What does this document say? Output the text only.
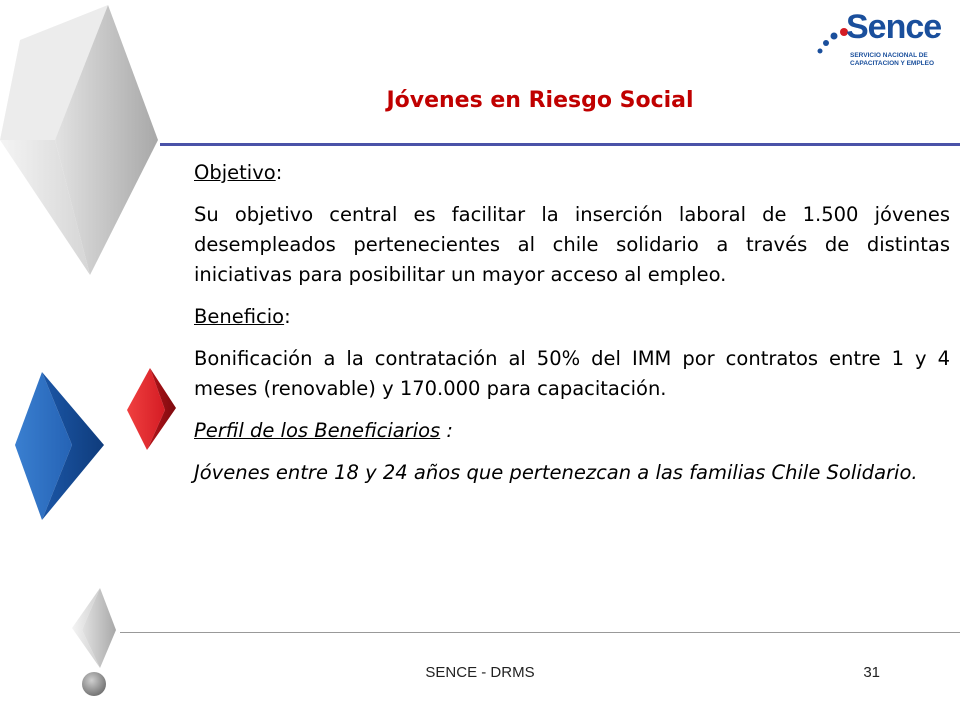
Sence
SERVICIO NACIONAL DE
CAPACITACION Y EMPLEO
Jóvenes en Riesgo Social

Objetivo:

Su objetivo central es facilitar la inserción laboral de 1.500 jóvenes desempleados pertenecientes al chile solidario a través de distintas iniciativas para posibilitar un mayor acceso al empleo.

Beneficio:

Bonificación a la contratación al 50% del IMM por contratos entre 1 y 4 meses (renovable) y 170.000 para capacitación.

Perfil de los Beneficiarios :

Jóvenes entre 18 y 24 años que pertenezcan a las familias Chile Solidario.

SENCE - DRMS	31
